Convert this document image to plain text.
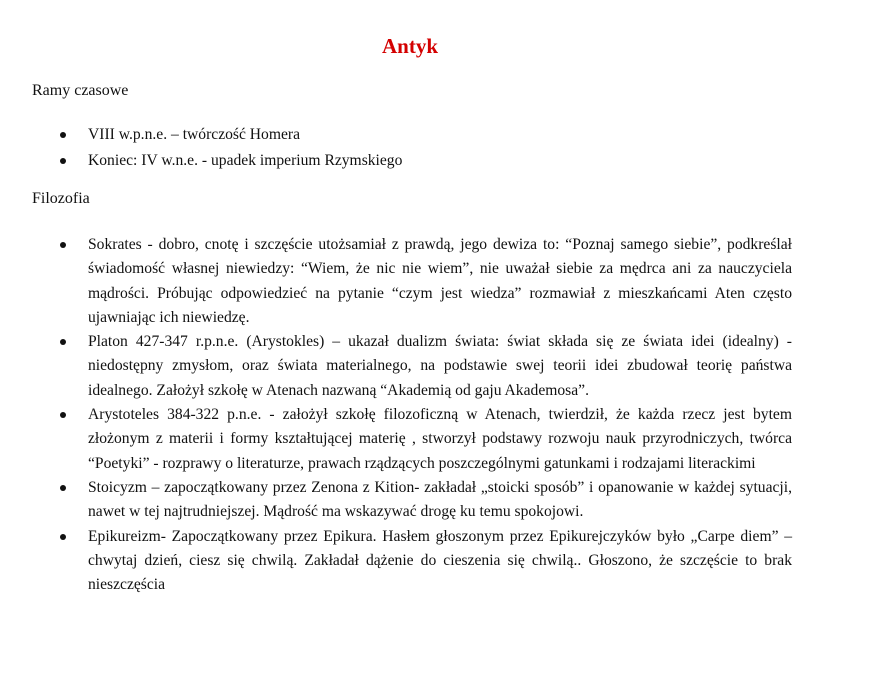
Antyk

Ramy czasowe

VIII w.p.n.e. – twórczość Homera
Koniec: IV w.n.e. - upadek imperium Rzymskiego

Filozofia

Sokrates - dobro, cnotę i szczęście utożsamiał z prawdą, jego dewiza to: “Poznaj samego siebie”, podkreślał świadomość własnej niewiedzy: “Wiem, że nic nie wiem”, nie uważał siebie za mędrca ani za nauczyciela mądrości. Próbując odpowiedzieć na pytanie “czym jest wiedza” rozmawiał z mieszkańcami Aten często ujawniając ich niewiedzę.
Platon 427-347 r.p.n.e. (Arystokles) – ukazał dualizm świata: świat składa się ze świata idei (idealny) - niedostępny zmysłom, oraz świata materialnego, na podstawie swej teorii idei zbudował teorię państwa idealnego. Założył szkołę w Atenach nazwaną “Akademią od gaju Akademosa”.
Arystoteles 384-322 p.n.e. - założył szkołę filozoficzną w Atenach, twierdził, że każda rzecz jest bytem złożonym z materii i formy kształtującej materię , stworzył podstawy rozwoju nauk przyrodniczych, twórca “Poetyki” - rozprawy o literaturze, prawach rządzących poszczególnymi gatunkami i rodzajami literackimi
Stoicyzm – zapoczątkowany przez Zenona z Kition- zakładał „stoicki sposób” i opanowanie w każdej sytuacji, nawet w tej najtrudniejszej. Mądrość ma wskazywać drogę ku temu spokojowi.
Epikureizm- Zapoczątkowany przez Epikura. Hasłem głoszonym przez Epikurejczyków było „Carpe diem” – chwytaj dzień, ciesz się chwilą. Zakładał dążenie do cieszenia się chwilą.. Głoszono, że szczęście to brak nieszczęścia
